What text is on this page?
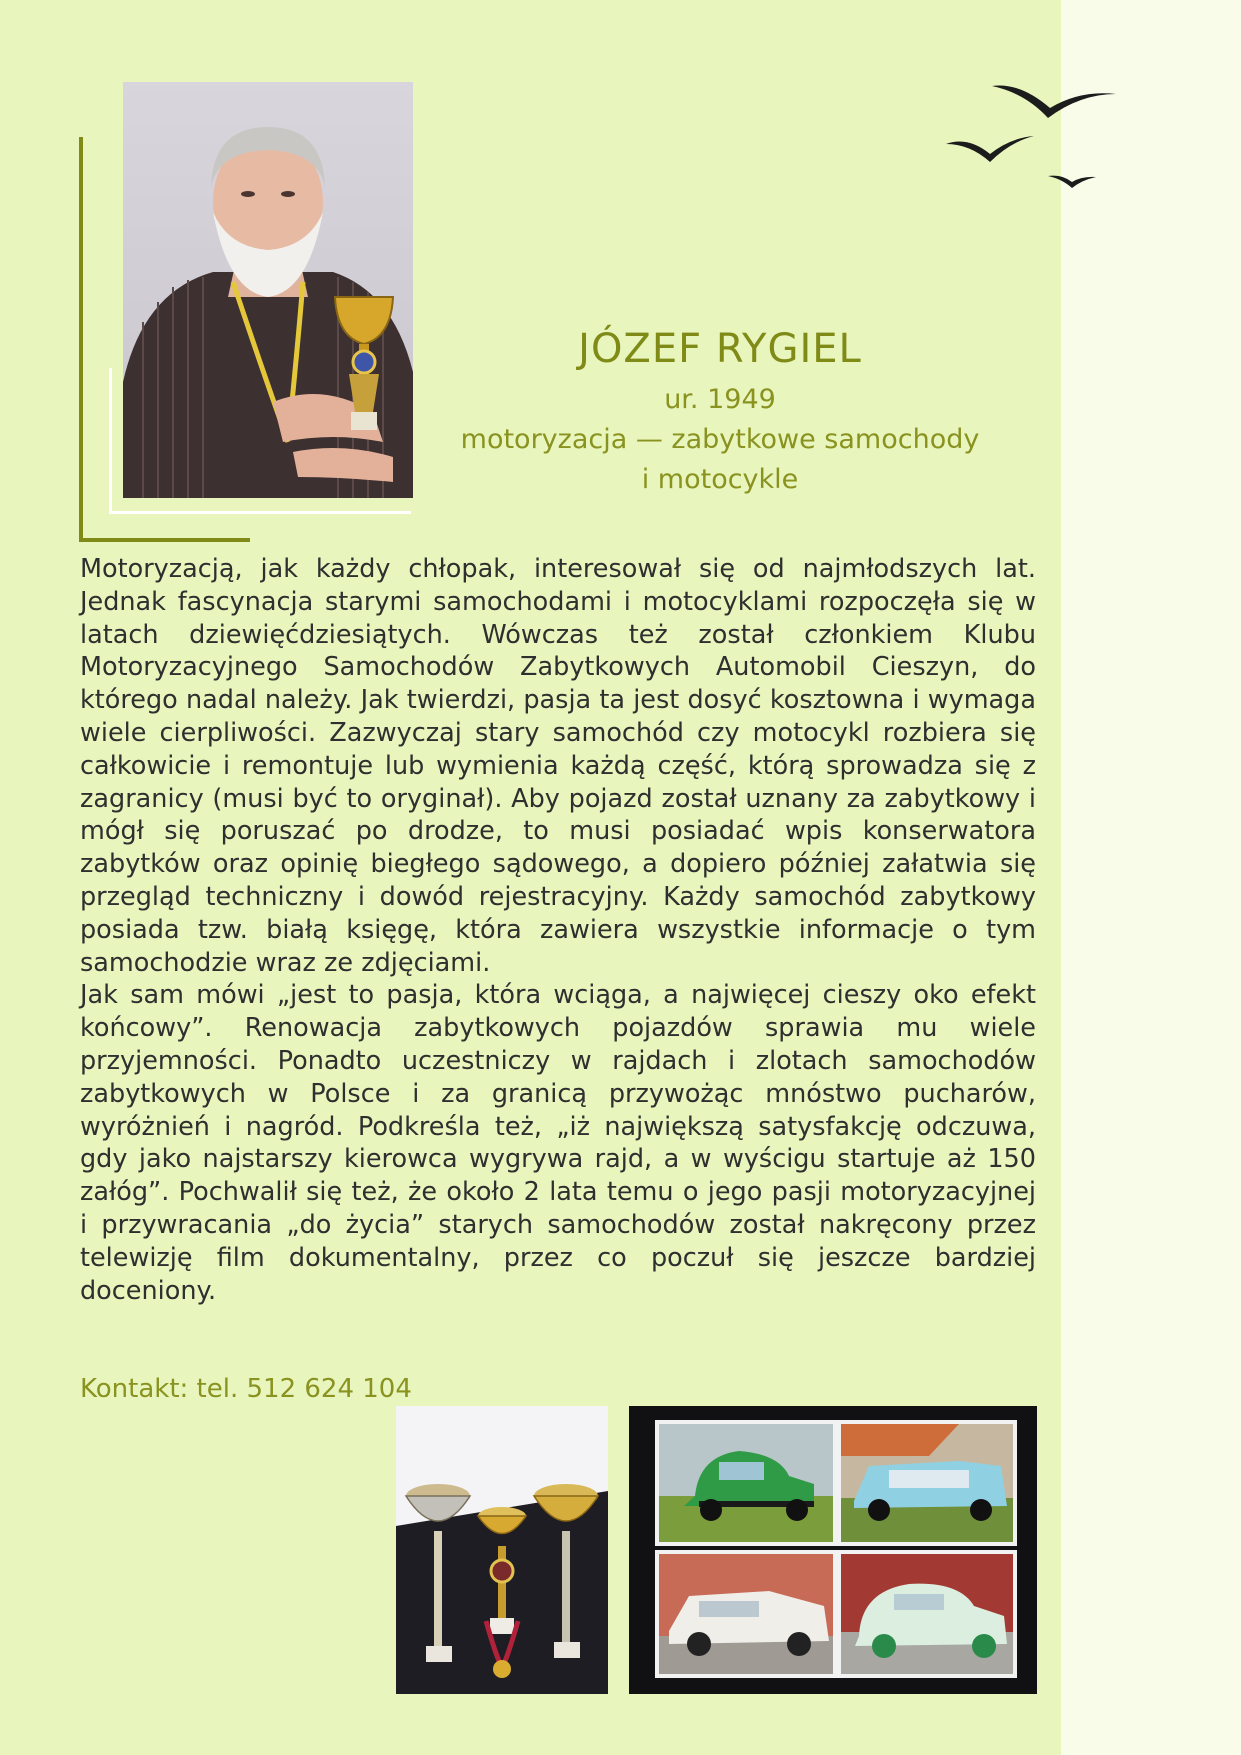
JÓZEF RYGIEL
ur. 1949
motoryzacja — zabytkowe samochody
i motocykle

Motoryzacją, jak każdy chłopak, interesował się od najmłodszych lat. Jednak fascynacja starymi samochodami i motocyklami rozpoczęła się w latach dziewięćdziesiątych. Wówczas też został członkiem Klubu Motoryzacyjnego Samochodów Zabytkowych Automobil Cieszyn, do którego nadal należy. Jak twierdzi, pasja ta jest dosyć kosztowna i wymaga wiele cierpliwości. Zazwyczaj stary samochód czy motocykl rozbiera się całkowicie i remontuje lub wymienia każdą część, którą sprowadza się z zagranicy (musi być to oryginał). Aby pojazd został uznany za zabytkowy i mógł się poruszać po drodze, to musi posiadać wpis konserwatora zabytków oraz opinię biegłego sądowego, a dopiero później załatwia się przegląd techniczny i dowód rejestracyjny. Każdy samochód zabytkowy posiada tzw. białą księgę, która zawiera wszystkie informacje o tym samochodzie wraz ze zdjęciami.

Jak sam mówi „jest to pasja, która wciąga, a najwięcej cieszy oko efekt końcowy”. Renowacja zabytkowych pojazdów sprawia mu wiele przyjemności. Ponadto uczestniczy w rajdach i zlotach samochodów zabytkowych w Polsce i za granicą przywożąc mnóstwo pucharów, wyróżnień i nagród. Podkreśla też, „iż największą satysfakcję odczuwa, gdy jako najstarszy kierowca wygrywa rajd, a w wyścigu startuje aż 150 załóg”. Pochwalił się też, że około 2 lata temu o jego pasji motoryzacyjnej i przywracania „do życia” starych samochodów został nakręcony przez telewizję film dokumentalny, przez co poczuł się jeszcze bardziej doceniony.

Kontakt: tel. 512 624 104
